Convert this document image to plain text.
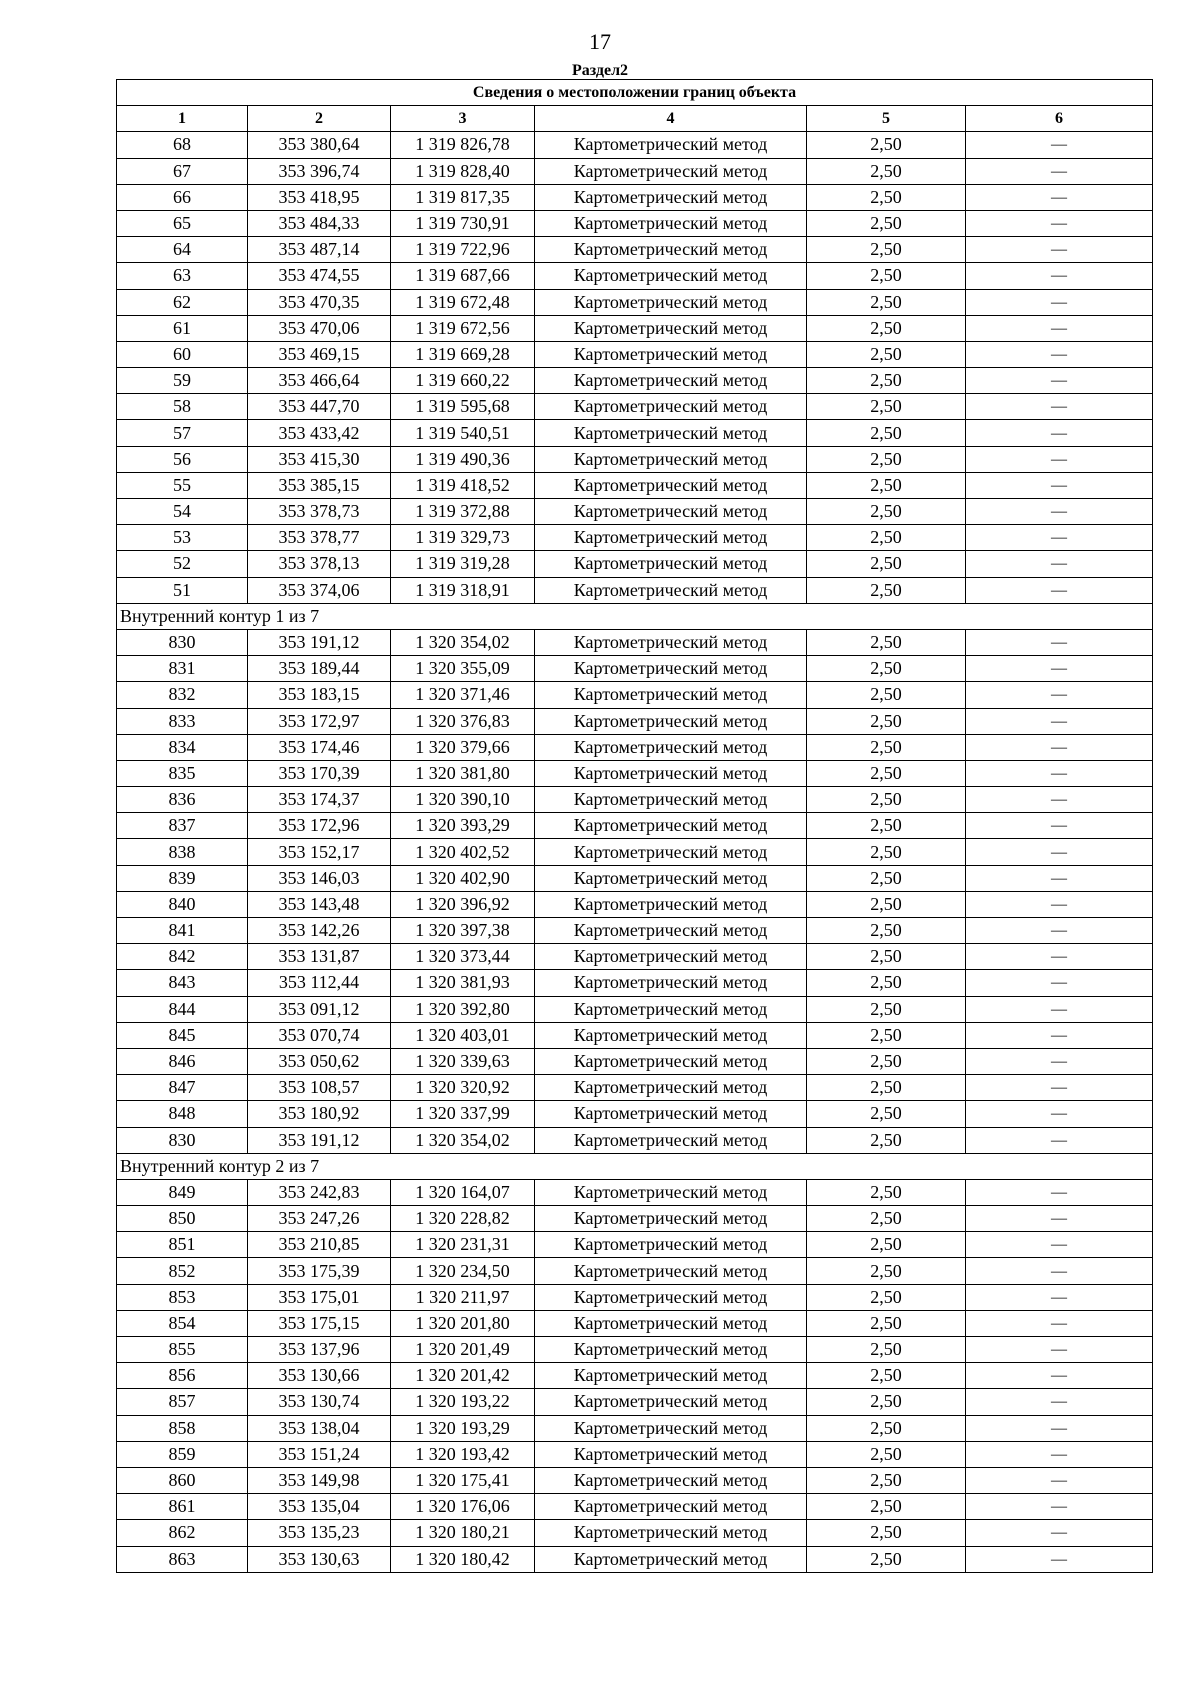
17
Раздел2
Сведения о местоположении границ объекта					
1	2	3	4	5	6
68	353 380,64	1 319 826,78	Картометрический метод	2,50	—
67	353 396,74	1 319 828,40	Картометрический метод	2,50	—
66	353 418,95	1 319 817,35	Картометрический метод	2,50	—
65	353 484,33	1 319 730,91	Картометрический метод	2,50	—
64	353 487,14	1 319 722,96	Картометрический метод	2,50	—
63	353 474,55	1 319 687,66	Картометрический метод	2,50	—
62	353 470,35	1 319 672,48	Картометрический метод	2,50	—
61	353 470,06	1 319 672,56	Картометрический метод	2,50	—
60	353 469,15	1 319 669,28	Картометрический метод	2,50	—
59	353 466,64	1 319 660,22	Картометрический метод	2,50	—
58	353 447,70	1 319 595,68	Картометрический метод	2,50	—
57	353 433,42	1 319 540,51	Картометрический метод	2,50	—
56	353 415,30	1 319 490,36	Картометрический метод	2,50	—
55	353 385,15	1 319 418,52	Картометрический метод	2,50	—
54	353 378,73	1 319 372,88	Картометрический метод	2,50	—
53	353 378,77	1 319 329,73	Картометрический метод	2,50	—
52	353 378,13	1 319 319,28	Картометрический метод	2,50	—
51	353 374,06	1 319 318,91	Картометрический метод	2,50	—
Внутренний контур 1 из 7					
830	353 191,12	1 320 354,02	Картометрический метод	2,50	—
831	353 189,44	1 320 355,09	Картометрический метод	2,50	—
832	353 183,15	1 320 371,46	Картометрический метод	2,50	—
833	353 172,97	1 320 376,83	Картометрический метод	2,50	—
834	353 174,46	1 320 379,66	Картометрический метод	2,50	—
835	353 170,39	1 320 381,80	Картометрический метод	2,50	—
836	353 174,37	1 320 390,10	Картометрический метод	2,50	—
837	353 172,96	1 320 393,29	Картометрический метод	2,50	—
838	353 152,17	1 320 402,52	Картометрический метод	2,50	—
839	353 146,03	1 320 402,90	Картометрический метод	2,50	—
840	353 143,48	1 320 396,92	Картометрический метод	2,50	—
841	353 142,26	1 320 397,38	Картометрический метод	2,50	—
842	353 131,87	1 320 373,44	Картометрический метод	2,50	—
843	353 112,44	1 320 381,93	Картометрический метод	2,50	—
844	353 091,12	1 320 392,80	Картометрический метод	2,50	—
845	353 070,74	1 320 403,01	Картометрический метод	2,50	—
846	353 050,62	1 320 339,63	Картометрический метод	2,50	—
847	353 108,57	1 320 320,92	Картометрический метод	2,50	—
848	353 180,92	1 320 337,99	Картометрический метод	2,50	—
830	353 191,12	1 320 354,02	Картометрический метод	2,50	—
Внутренний контур 2 из 7					
849	353 242,83	1 320 164,07	Картометрический метод	2,50	—
850	353 247,26	1 320 228,82	Картометрический метод	2,50	—
851	353 210,85	1 320 231,31	Картометрический метод	2,50	—
852	353 175,39	1 320 234,50	Картометрический метод	2,50	—
853	353 175,01	1 320 211,97	Картометрический метод	2,50	—
854	353 175,15	1 320 201,80	Картометрический метод	2,50	—
855	353 137,96	1 320 201,49	Картометрический метод	2,50	—
856	353 130,66	1 320 201,42	Картометрический метод	2,50	—
857	353 130,74	1 320 193,22	Картометрический метод	2,50	—
858	353 138,04	1 320 193,29	Картометрический метод	2,50	—
859	353 151,24	1 320 193,42	Картометрический метод	2,50	—
860	353 149,98	1 320 175,41	Картометрический метод	2,50	—
861	353 135,04	1 320 176,06	Картометрический метод	2,50	—
862	353 135,23	1 320 180,21	Картометрический метод	2,50	—
863	353 130,63	1 320 180,42	Картометрический метод	2,50	—
